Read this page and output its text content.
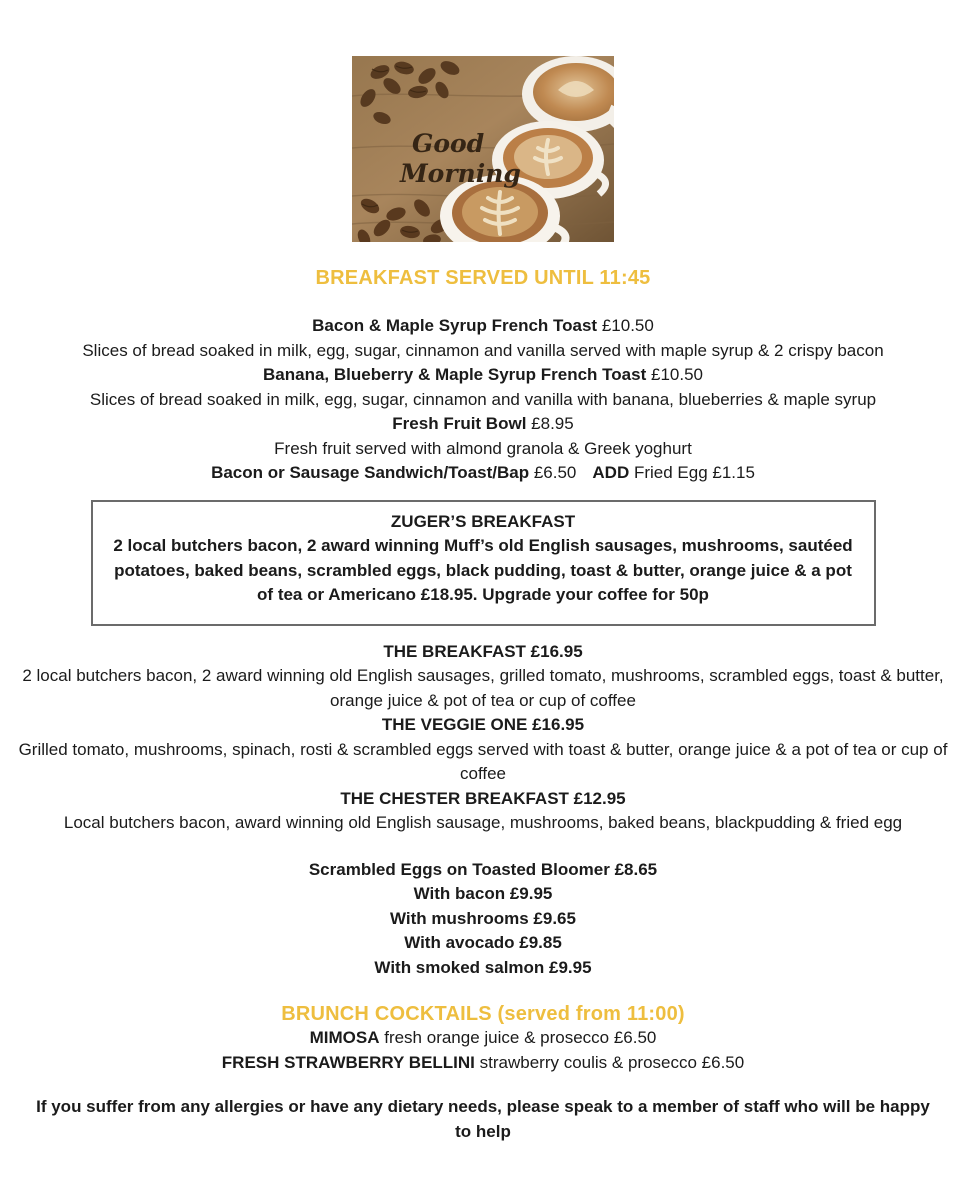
Good
Morning
BREAKFAST SERVED UNTIL 11:45

Bacon & Maple Syrup French Toast £10.50

Slices of bread soaked in milk, egg, sugar, cinnamon and vanilla served with maple syrup & 2 crispy bacon

Banana, Blueberry & Maple Syrup French Toast £10.50

Slices of bread soaked in milk, egg, sugar, cinnamon and vanilla with banana, blueberries & maple syrup

Fresh Fruit Bowl £8.95

Fresh fruit served with almond granola & Greek yoghurt

Bacon or Sausage Sandwich/Toast/Bap £6.50 ADD Fried Egg £1.15

ZUGER’S BREAKFAST

2 local butchers bacon, 2 award winning Muff’s old English sausages, mushrooms, sautéed potatoes, baked beans, scrambled eggs, black pudding, toast & butter, orange juice & a pot of tea or Americano £18.95. Upgrade your coffee for 50p

THE BREAKFAST £16.95

2 local butchers bacon, 2 award winning old English sausages, grilled tomato, mushrooms, scrambled eggs, toast & butter, orange juice & pot of tea or cup of coffee

THE VEGGIE ONE £16.95

Grilled tomato, mushrooms, spinach, rosti & scrambled eggs served with toast & butter, orange juice & a pot of tea or cup of coffee

THE CHESTER BREAKFAST £12.95

Local butchers bacon, award winning old English sausage, mushrooms, baked beans, blackpudding & fried egg

Scrambled Eggs on Toasted Bloomer £8.65

With bacon £9.95

With mushrooms £9.65

With avocado £9.85

With smoked salmon £9.95

BRUNCH COCKTAILS (served from 11:00)

MIMOSA fresh orange juice & prosecco £6.50

FRESH STRAWBERRY BELLINI strawberry coulis & prosecco £6.50

If you suffer from any allergies or have any dietary needs, please speak to a member of staff who will be happy to help
